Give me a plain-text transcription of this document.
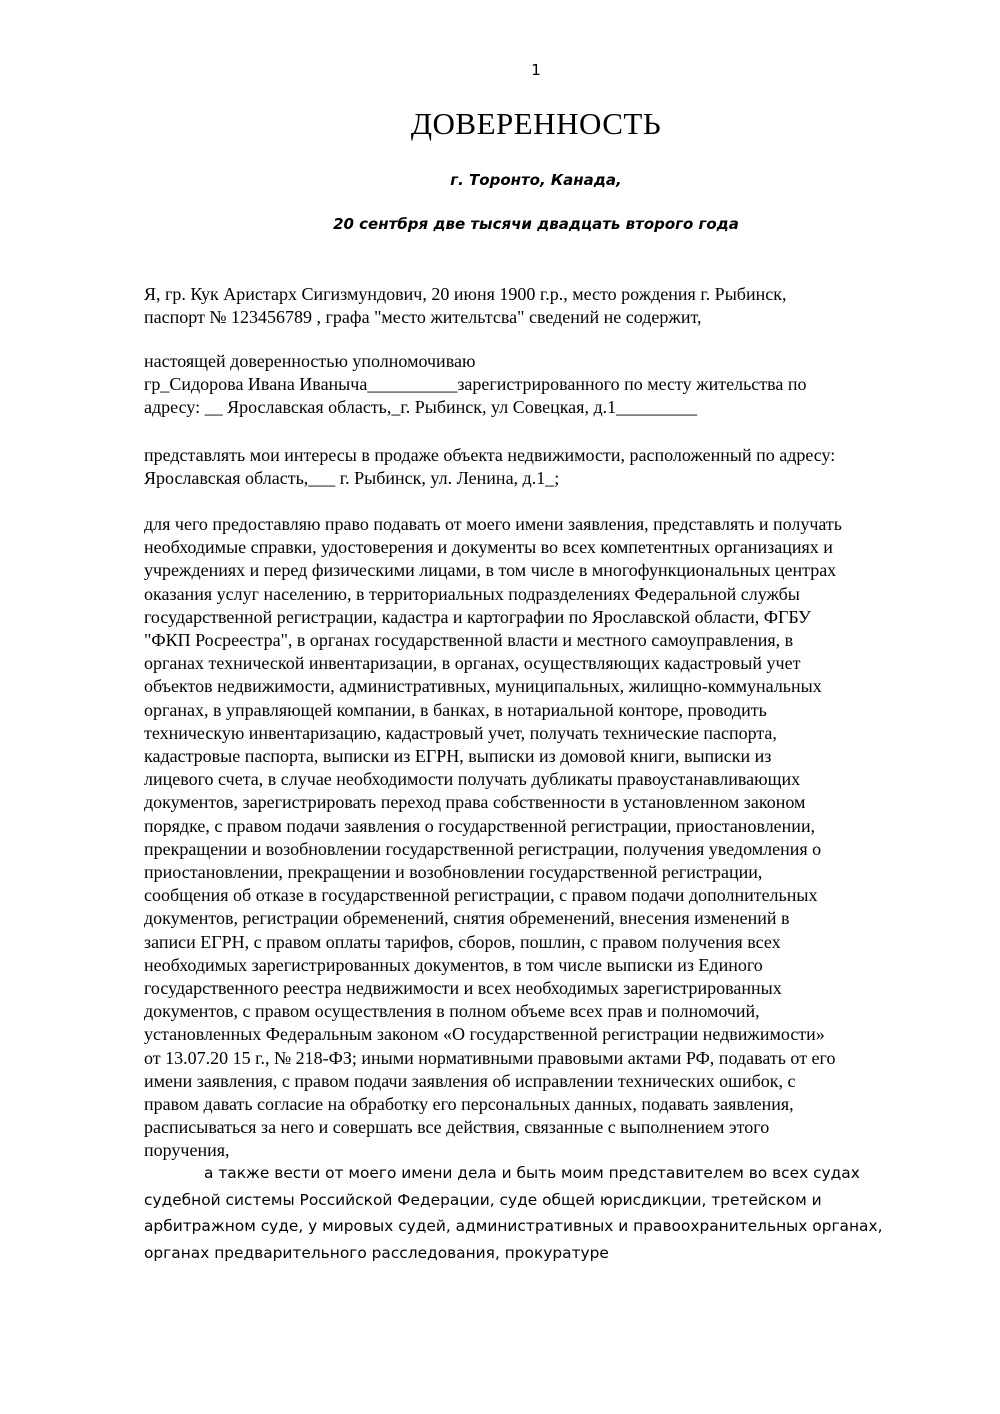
1
ДОВЕРЕННОСТЬ
г. Торонто, Канада,
20 сентбря две тысячи двадцать второго года
Я, гр. Кук Аристарх Сигизмундович, 20 июня 1900 г.р., место рождения г. Рыбинск,
паспорт № 123456789 , графа "место жительтсва" сведений не содержит,
настоящей доверенностью уполномочиваю
гр_Сидорова Ивана Иваныча__________зарегистрированного по месту жительства по
адресу: __ Ярославская область,_г. Рыбинск, ул Совецкая, д.1_________
представлять мои интересы в продаже объекта недвижимости, расположенный по адресу:
Ярославская область,___ г. Рыбинск, ул. Ленина, д.1_;
для чего предоставляю право подавать от моего имени заявления, представлять и получать
необходимые справки, удостоверения и документы во всех компетентных организациях и
учреждениях и перед физическими лицами, в том числе в многофункциональных центрах
оказания услуг населению, в территориальных подразделениях Федеральной службы
государственной регистрации, кадастра и картографии по Ярославской области, ФГБУ
"ФКП Росреестра", в органах государственной власти и местного самоуправления, в
органах технической инвентаризации, в органах, осуществляющих кадастровый учет
объектов недвижимости, административных, муниципальных, жилищно-коммунальных
органах, в управляющей компании, в банках, в нотариальной конторе, проводить
техническую инвентаризацию, кадастровый учет, получать технические паспорта,
кадастровые паспорта, выписки из ЕГРН, выписки из домовой книги, выписки из
лицевого счета, в случае необходимости получать дубликаты правоустанавливающих
документов, зарегистрировать переход права собственности в установленном законом
порядке, с правом подачи заявления о государственной регистрации, приостановлении,
прекращении и возобновлении государственной регистрации, получения уведомления о
приостановлении, прекращении и возобновлении государственной регистрации,
сообщения об отказе в государственной регистрации, с правом подачи дополнительных
документов, регистрации обременений, снятия обременений, внесения изменений в
записи ЕГРН, с правом оплаты тарифов, сборов, пошлин, с правом получения всех
необходимых зарегистрированных документов, в том числе выписки из Единого
государственного реестра недвижимости и всех необходимых зарегистрированных
документов, с правом осуществления в полном объеме всех прав и полномочий,
установленных Федеральным законом «О государственной регистрации недвижимости»
от 13.07.20 15 г., № 218-ФЗ; иными нормативными правовыми актами РФ, подавать от его
имени заявления, с правом подачи заявления об исправлении технических ошибок, с
правом давать согласие на обработку его персональных данных, подавать заявления,
расписываться за него и совершать все действия, связанные с выполнением этого
поручения,
а также вести от моего имени дела и быть моим представителем во всех судах
судебной системы Российской Федерации, суде общей юрисдикции, третейском и
арбитражном суде, у мировых судей, административных и правоохранительных органах,
органах предварительного расследования, прокуратуре
